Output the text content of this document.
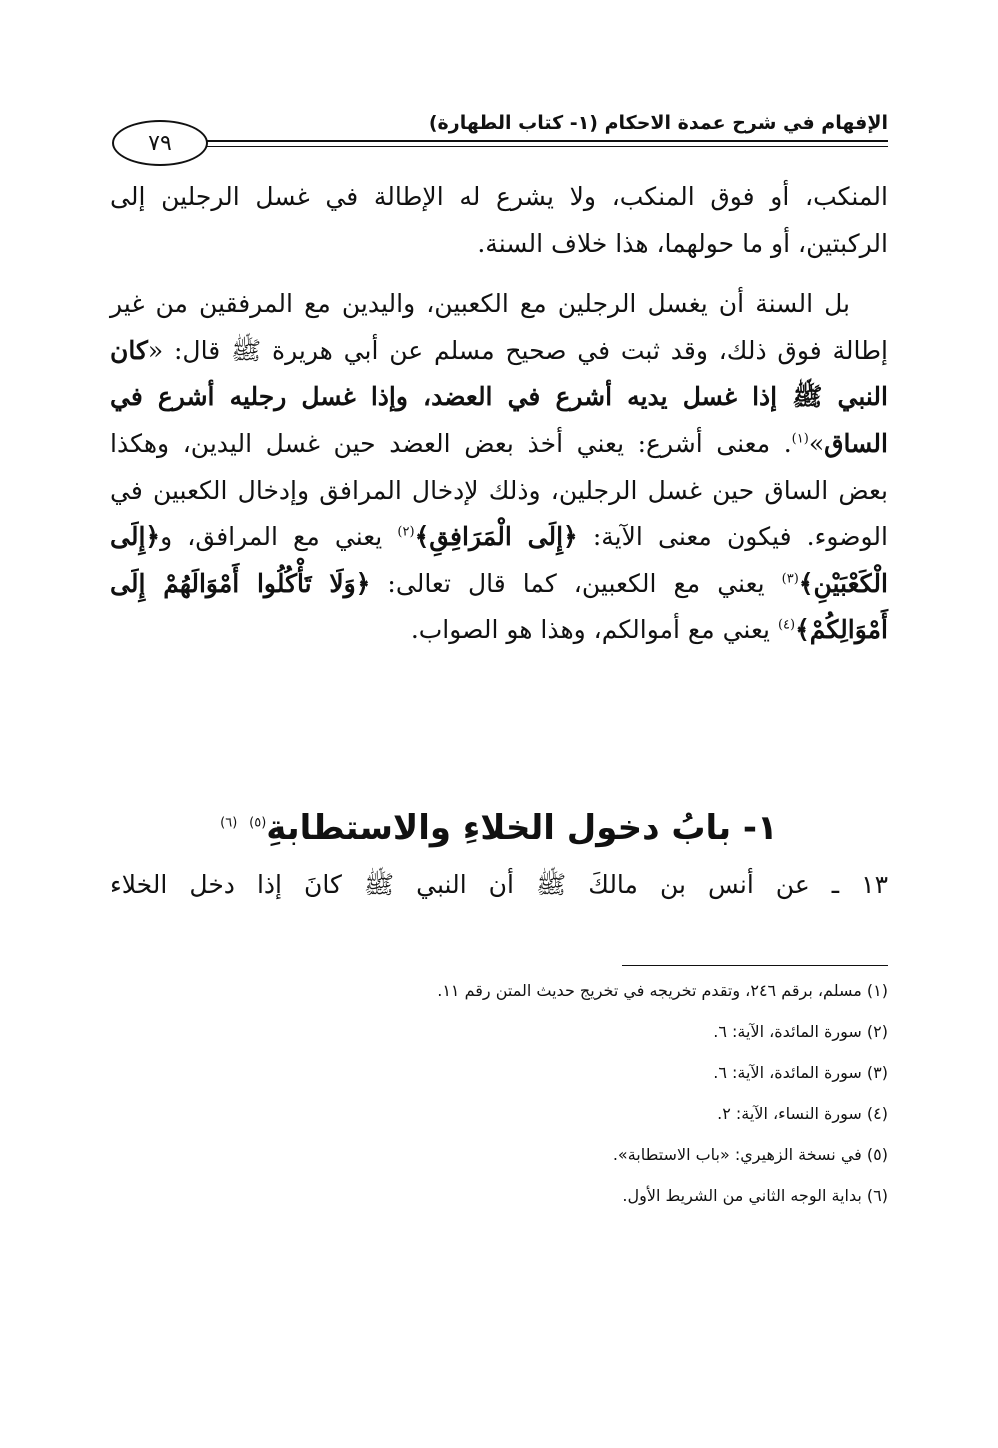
الإفهام في شرح عمدة الاحكام (١- كتاب الطهارة)
٧٩

المنكب، أو فوق المنكب، ولا يشرع له الإطالة في غسل الرجلين إلى الركبتين، أو ما حولهما، هذا خلاف السنة.

بل السنة أن يغسل الرجلين مع الكعبين، واليدين مع المرفقين من غير إطالة فوق ذلك، وقد ثبت في صحيح مسلم عن أبي هريرة ﷺ قال: «كان النبي ﷺ إذا غسل يديه أشرع في العضد، وإذا غسل رجليه أشرع في الساق»$^{(١)}$. معنى أشرع: يعني أخذ بعض العضد حين غسل اليدين، وهكذا بعض الساق حين غسل الرجلين، وذلك لإدخال المرافق وإدخال الكعبين في الوضوء. فيكون معنى الآية: ﴿إِلَى الْمَرَافِقِ﴾$^{(٢)}$ يعني مع المرافق، و﴿إِلَى الْكَعْبَيْنِ﴾$^{(٣)}$ يعني مع الكعبين، كما قال تعالى: ﴿وَلَا تَأْكُلُوا أَمْوَالَهُمْ إِلَى أَمْوَالِكُمْ﴾$^{(٤)}$ يعني مع أموالكم، وهذا هو الصواب.

١- بابُ دخول الخلاءِ والاستطابةِ$^{(٥)}$ $^{(٦)}$
١٣ ـ عن أنس بن مالكَ ﷺ أن النبي ﷺ كانَ إذا دخل الخلاء
(١) مسلم، برقم ٢٤٦، وتقدم تخريجه في تخريج حديث المتن رقم ١١.
(٢) سورة المائدة، الآية: ٦.
(٣) سورة المائدة، الآية: ٦.
(٤) سورة النساء، الآية: ٢.
(٥) في نسخة الزهيري: «باب الاستطابة».
(٦) بداية الوجه الثاني من الشريط الأول.
